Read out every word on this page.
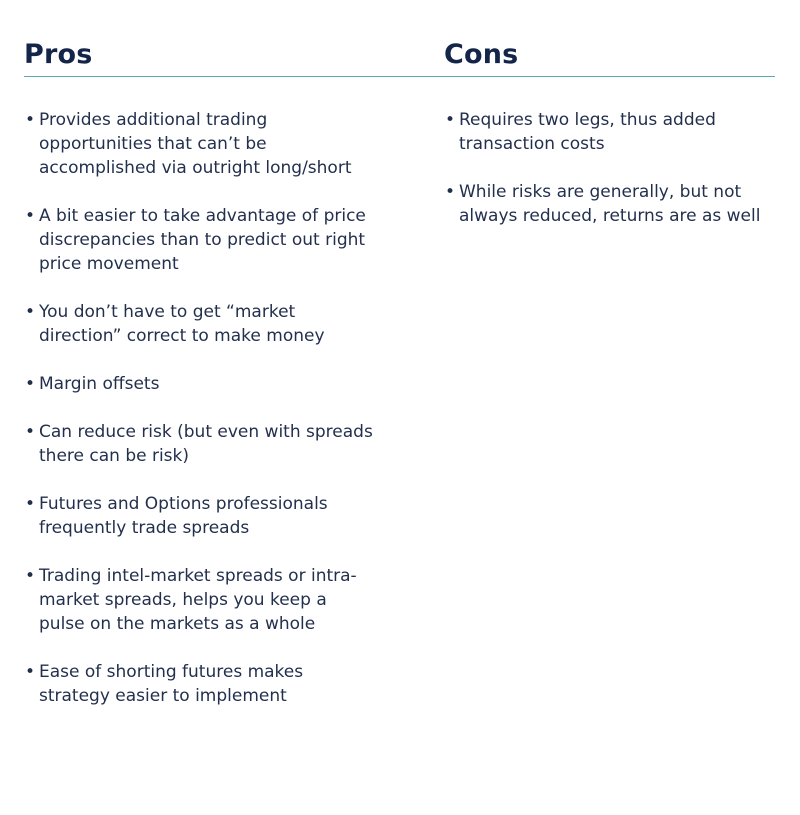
Pros
• Provides additional trading opportunities that can’t be accomplished via outright long/short
• A bit easier to take advantage of price discrepancies than to predict out right price movement
• You don’t have to get “market direction” correct to make money
• Margin offsets
• Can reduce risk (but even with spreads there can be risk)
• Futures and Options professionals frequently trade spreads
• Trading intel-market spreads or intra-market spreads, helps you keep a pulse on the markets as a whole
• Ease of shorting futures makes strategy easier to implement
Cons
• Requires two legs, thus added transaction costs
• While risks are generally, but not always reduced, returns are as well
